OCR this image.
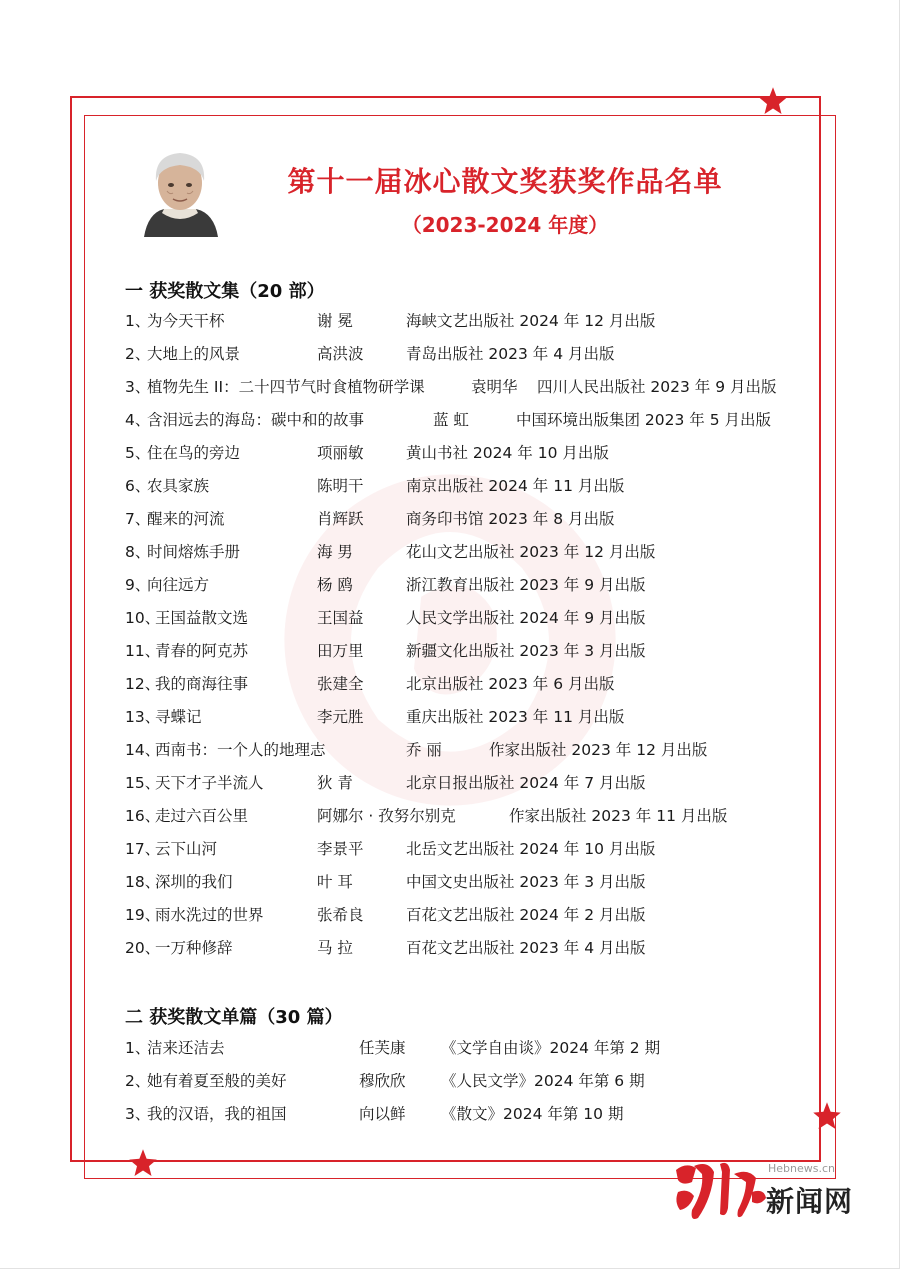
第十一届冰心散文奖获奖作品名单
（2023-2024 年度）
一 获奖散文集（20 部）
1、
为今天干杯	谢 冕	海峡文艺出版社 2024 年 12 月出版
2、
大地上的风景	高洪波	青岛出版社 2023 年 4 月出版
3、
植物先生 II：二十四节气时食植物研学课	袁明华 四川人民出版社 2023 年 9 月出版
4、
含泪远去的海岛：碳中和的故事	蓝 虹	中国环境出版集团 2023 年 5 月出版
5、
住在鸟的旁边	项丽敏	黄山书社 2024 年 10 月出版
6、
农具家族	陈明干	南京出版社 2024 年 11 月出版
7、
醒来的河流	肖辉跃	商务印书馆 2023 年 8 月出版
8、
时间熔炼手册	海 男	花山文艺出版社 2023 年 12 月出版
9、
向往远方	杨 鸥	浙江教育出版社 2023 年 9 月出版
10、
王国益散文选	王国益	人民文学出版社 2024 年 9 月出版
11、
青春的阿克苏	田万里	新疆文化出版社 2023 年 3 月出版
12、
我的商海往事	张建全	北京出版社 2023 年 6 月出版
13、
寻蝶记	李元胜	重庆出版社 2023 年 11 月出版
14、
西南书：一个人的地理志	乔 丽	作家出版社 2023 年 12 月出版
15、
天下才子半流人	狄 青	北京日报出版社 2024 年 7 月出版
16、
走过六百公里	阿娜尔 · 孜努尔别克	作家出版社 2023 年 11 月出版
17、
云下山河	李景平	北岳文艺出版社 2024 年 10 月出版
18、
深圳的我们	叶 耳	中国文史出版社 2023 年 3 月出版
19、
雨水洗过的世界	张希良	百花文艺出版社 2024 年 2 月出版
20、
一万种修辞	马 拉	百花文艺出版社 2023 年 4 月出版
二 获奖散文单篇（30 篇）
1、
洁来还洁去	任芙康 《文学自由谈》2024 年第 2 期
2、
她有着夏至般的美好	穆欣欣 《人民文学》2024 年第 6 期
3、
我的汉语，我的祖国	向以鲜 《散文》2024 年第 10 期
Hebnews.cn
新闻网
